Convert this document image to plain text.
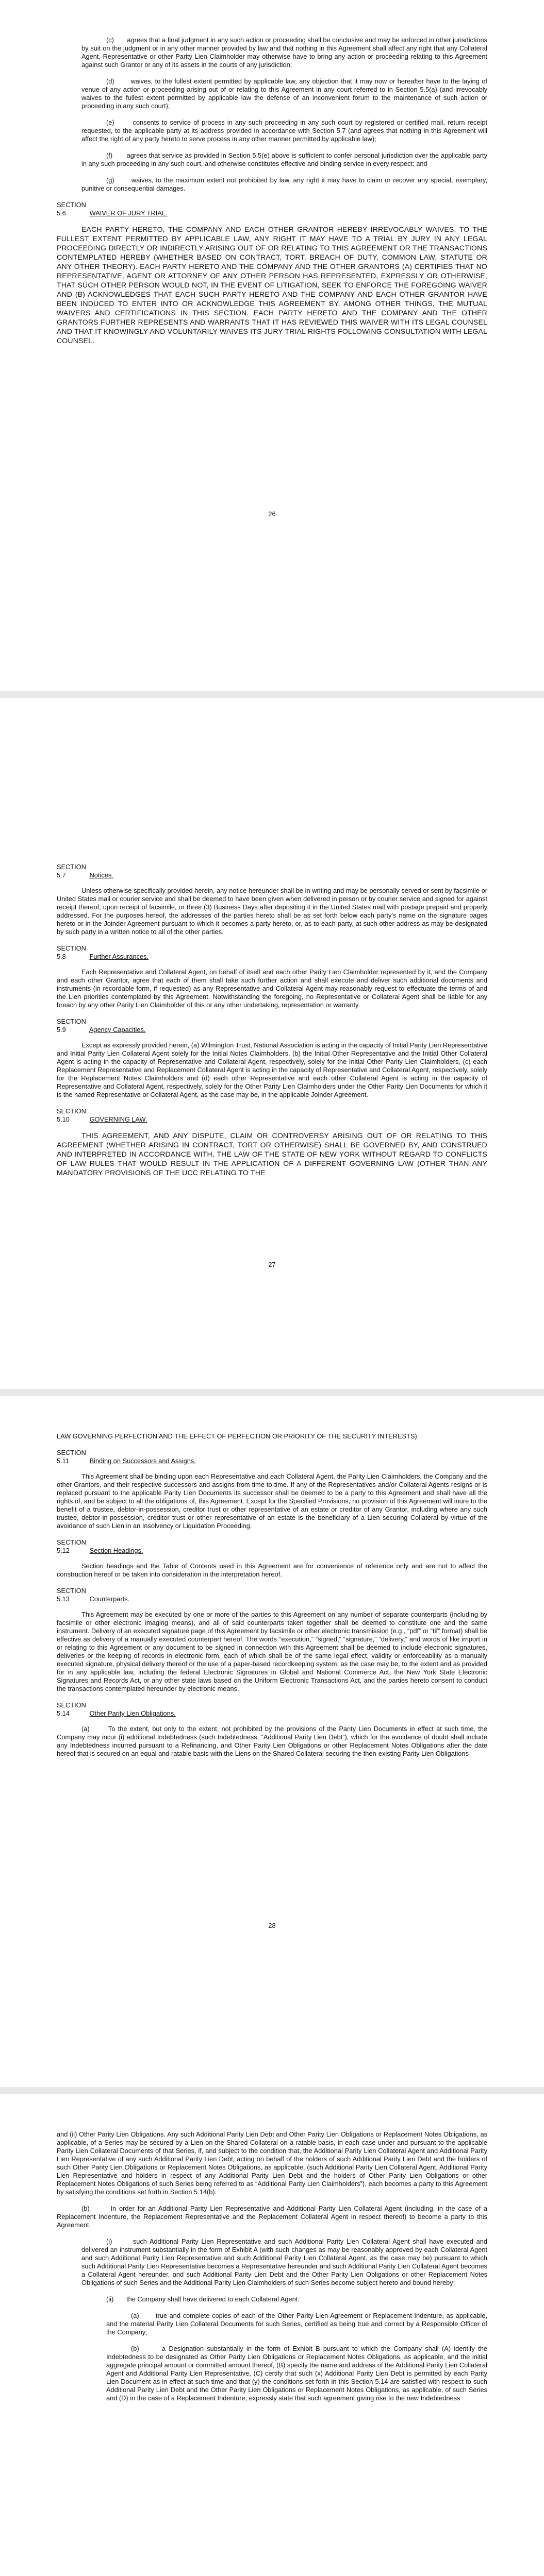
(c)       agrees that a final judgment in any such action or proceeding shall be conclusive and may be enforced in other jurisdictions by suit on the judgment or in any other manner provided by law and that nothing in this Agreement shall affect any right that any Collateral Agent, Representative or other Parity Lien Claimholder may otherwise have to bring any action or proceeding relating to this Agreement against such Grantor or any of its assets in the courts of any jurisdiction;

(d)       waives, to the fullest extent permitted by applicable law, any objection that it may now or hereafter have to the laying of venue of any action or proceeding arising out of or relating to this Agreement in any court referred to in Section 5.5(a) (and irrevocably waives to the fullest extent permitted by applicable law the defense of an inconvenient forum to the maintenance of such action or proceeding in any such court);

(e)       consents to service of process in any such proceeding in any such court by registered or certified mail, return receipt requested, to the applicable party at its address provided in accordance with Section 5.7 (and agrees that nothing in this Agreement will affect the right of any party hereto to serve process in any other manner permitted by applicable law);

(f)       agrees that service as provided in Section 5.5(e) above is sufficient to confer personal jurisdiction over the applicable party in any such proceeding in any such court, and otherwise constitutes effective and binding service in every respect; and

(g)       waives, to the maximum extent not prohibited by law, any right it may have to claim or recover any special, exemplary, punitive or consequential damages.

SECTION 5.6	WAIVER OF JURY TRIAL.

EACH PARTY HERETO, THE COMPANY AND EACH OTHER GRANTOR HEREBY IRREVOCABLY WAIVES, TO THE FULLEST EXTENT PERMITTED BY APPLICABLE LAW, ANY RIGHT IT MAY HAVE TO A TRIAL BY JURY IN ANY LEGAL PROCEEDING DIRECTLY OR INDIRECTLY ARISING OUT OF OR RELATING TO THIS AGREEMENT OR THE TRANSACTIONS CONTEMPLATED HEREBY (WHETHER BASED ON CONTRACT, TORT, BREACH OF DUTY, COMMON LAW, STATUTE OR ANY OTHER THEORY). EACH PARTY HERETO AND THE COMPANY AND THE OTHER GRANTORS (A) CERTIFIES THAT NO REPRESENTATIVE, AGENT OR ATTORNEY OF ANY OTHER PERSON HAS REPRESENTED, EXPRESSLY OR OTHERWISE, THAT SUCH OTHER PERSON WOULD NOT, IN THE EVENT OF LITIGATION, SEEK TO ENFORCE THE FOREGOING WAIVER AND (B) ACKNOWLEDGES THAT EACH SUCH PARTY HERETO AND THE COMPANY AND EACH OTHER GRANTOR HAVE BEEN INDUCED TO ENTER INTO OR ACKNOWLEDGE THIS AGREEMENT BY, AMONG OTHER THINGS, THE MUTUAL WAIVERS AND CERTIFICATIONS IN THIS SECTION. EACH PARTY HERETO AND THE COMPANY AND THE OTHER GRANTORS FURTHER REPRESENTS AND WARRANTS THAT IT HAS REVIEWED THIS WAIVER WITH ITS LEGAL COUNSEL AND THAT IT KNOWINGLY AND VOLUNTARILY WAIVES ITS JURY TRIAL RIGHTS FOLLOWING CONSULTATION WITH LEGAL COUNSEL.

26
SECTION 5.7	Notices.

Unless otherwise specifically provided herein, any notice hereunder shall be in writing and may be personally served or sent by facsimile or United States mail or courier service and shall be deemed to have been given when delivered in person or by courier service and signed for against receipt thereof, upon receipt of facsimile, or three (3) Business Days after depositing it in the United States mail with postage prepaid and properly addressed. For the purposes hereof, the addresses of the parties hereto shall be as set forth below each party’s name on the signature pages hereto or in the Joinder Agreement pursuant to which it becomes a party hereto, or, as to each party, at such other address as may be designated by such party in a written notice to all of the other parties.

SECTION 5.8	Further Assurances.

Each Representative and Collateral Agent, on behalf of itself and each other Parity Lien Claimholder represented by it, and the Company and each other Grantor, agree that each of them shall take such further action and shall execute and deliver such additional documents and instruments (in recordable form, if requested) as any Representative and Collateral Agent may reasonably request to effectuate the terms of and the Lien priorities contemplated by this Agreement. Notwithstanding the foregoing, no Representative or Collateral Agent shall be liable for any breach by any other Parity Lien Claimholder of this or any other undertaking, representation or warranty.

SECTION 5.9	Agency Capacities.

Except as expressly provided herein, (a) Wilmington Trust, National Association is acting in the capacity of Initial Parity Lien Representative and Initial Parity Lien Collateral Agent solely for the Initial Notes Claimholders, (b) the Initial Other Representative and the Initial Other Collateral Agent is acting in the capacity of Representative and Collateral Agent, respectively, solely for the Initial Other Parity Lien Claimholders, (c) each Replacement Representative and Replacement Collateral Agent is acting in the capacity of Representative and Collateral Agent, respectively, solely for the Replacement Notes Claimholders and (d) each other Representative and each other Collateral Agent is acting in the capacity of Representative and Collateral Agent, respectively, solely for the Other Parity Lien Claimholders under the Other Parity Lien Documents for which it is the named Representative or Collateral Agent, as the case may be, in the applicable Joinder Agreement.

SECTION 5.10	GOVERNING LAW.

THIS AGREEMENT, AND ANY DISPUTE, CLAIM OR CONTROVERSY ARISING OUT OF OR RELATING TO THIS AGREEMENT (WHETHER ARISING IN CONTRACT, TORT OR OTHERWISE) SHALL BE GOVERNED BY, AND CONSTRUED AND INTERPRETED IN ACCORDANCE WITH, THE LAW OF THE STATE OF NEW YORK WITHOUT REGARD TO CONFLICTS OF LAW RULES THAT WOULD RESULT IN THE APPLICATION OF A DIFFERENT GOVERNING LAW (OTHER THAN ANY MANDATORY PROVISIONS OF THE UCC RELATING TO THE

27

LAW GOVERNING PERFECTION AND THE EFFECT OF PERFECTION OR PRIORITY OF THE SECURITY INTERESTS).

SECTION 5.11	Binding on Successors and Assigns.

This Agreement shall be binding upon each Representative and each Collateral Agent, the Parity Lien Claimholders, the Company and the other Grantors, and their respective successors and assigns from time to time. If any of the Representatives and/or Collateral Agents resigns or is replaced pursuant to the applicable Parity Lien Documents its successor shall be deemed to be a party to this Agreement and shall have all the rights of, and be subject to all the obligations of, this Agreement. Except for the Specified Provisions, no provision of this Agreement will inure to the benefit of a trustee, debtor-in-possession, creditor trust or other representative of an estate or creditor of any Grantor, including where any such trustee, debtor-in-possession, creditor trust or other representative of an estate is the beneficiary of a Lien securing Collateral by virtue of the avoidance of such Lien in an Insolvency or Liquidation Proceeding.

SECTION 5.12	Section Headings.

Section headings and the Table of Contents used in this Agreement are for convenience of reference only and are not to affect the construction hereof or be taken into consideration in the interpretation hereof.

SECTION 5.13	Counterparts.

This Agreement may be executed by one or more of the parties to this Agreement on any number of separate counterparts (including by facsimile or other electronic imaging means), and all of said counterparts taken together shall be deemed to constitute one and the same instrument. Delivery of an executed signature page of this Agreement by facsimile or other electronic transmission (e.g., “pdf” or “tif” format) shall be effective as delivery of a manually executed counterpart hereof. The words “execution,” “signed,” “signature,” “delivery,” and words of like import in or relating to this Agreement or any document to be signed in connection with this Agreement shall be deemed to include electronic signatures, deliveries or the keeping of records in electronic form, each of which shall be of the same legal effect, validity or enforceability as a manually executed signature, physical delivery thereof or the use of a paper-based recordkeeping system, as the case may be, to the extent and as provided for in any applicable law, including the federal Electronic Signatures in Global and National Commerce Act, the New York State Electronic Signatures and Records Act, or any other state laws based on the Uniform Electronic Transactions Act, and the parties hereto consent to conduct the transactions contemplated hereunder by electronic means.

SECTION 5.14	Other Parity Lien Obligations.

(a)       To the extent, but only to the extent, not prohibited by the provisions of the Parity Lien Documents in effect at such time, the Company may incur (i) additional Indebtedness (such Indebtedness, “Additional Parity Lien Debt”), which for the avoidance of doubt shall include any Indebtedness incurred pursuant to a Refinancing, and Other Parity Lien Obligations or other Replacement Notes Obligations after the date hereof that is secured on an equal and ratable basis with the Liens on the Shared Collateral securing the then-existing Parity Lien Obligations

28

and (ii) Other Parity Lien Obligations. Any such Additional Parity Lien Debt and Other Parity Lien Obligations or Replacement Notes Obligations, as applicable, of a Series may be secured by a Lien on the Shared Collateral on a ratable basis, in each case under and pursuant to the applicable Parity Lien Collateral Documents of that Series, if, and subject to the condition that, the Additional Parity Lien Collateral Agent and Additional Parity Lien Representative of any such Additional Parity Lien Debt, acting on behalf of the holders of such Additional Parity Lien Debt and the holders of such Other Parity Lien Obligations or Replacement Notes Obligations, as applicable, (such Additional Parity Lien Collateral Agent, Additional Parity Lien Representative and holders in respect of any Additional Parity Lien Debt and the holders of Other Parity Lien Obligations or other Replacement Notes Obligations of such Series being referred to as “Additional Parity Lien Claimholders”), each becomes a party to this Agreement by satisfying the conditions set forth in Section 5.14(b).

(b)       In order for an Additional Parity Lien Representative and Additional Parity Lien Collateral Agent (including, in the case of a Replacement Indenture, the Replacement Representative and the Replacement Collateral Agent in respect thereof) to become a party to this Agreement,

(i)       such Additional Parity Lien Representative and such Additional Parity Lien Collateral Agent shall have executed and delivered an instrument substantially in the form of Exhibit A (with such changes as may be reasonably approved by each Collateral Agent and such Additional Parity Lien Representative and such Additional Parity Lien Collateral Agent, as the case may be) pursuant to which such Additional Parity Lien Representative becomes a Representative hereunder and such Additional Parity Lien Collateral Agent becomes a Collateral Agent hereunder, and such Additional Parity Lien Debt and the Other Parity Lien Obligations or other Replacement Notes Obligations of such Series and the Additional Parity Lien Claimholders of such Series become subject hereto and bound hereby;

(ii)       the Company shall have delivered to each Collateral Agent:

(a)       true and complete copies of each of the Other Parity Lien Agreement or Replacement Indenture, as applicable, and the material Parity Lien Collateral Documents for such Series, certified as being true and correct by a Responsible Officer of the Company;

(b)       a Designation substantially in the form of Exhibit B pursuant to which the Company shall (A) identify the Indebtedness to be designated as Other Parity Lien Obligations or Replacement Notes Obligations, as applicable, and the initial aggregate principal amount or committed amount thereof, (B) specify the name and address of the Additional Parity Lien Collateral Agent and Additional Parity Lien Representative, (C) certify that such (x) Additional Parity Lien Debt is permitted by each Parity Lien Document as in effect at such time and that (y) the conditions set forth in this Section 5.14 are satisfied with respect to such Additional Parity Lien Debt and the Other Parity Lien Obligations or Replacement Notes Obligations, as applicable, of such Series and (D) in the case of a Replacement Indenture, expressly state that such agreement giving rise to the new Indebtedness
